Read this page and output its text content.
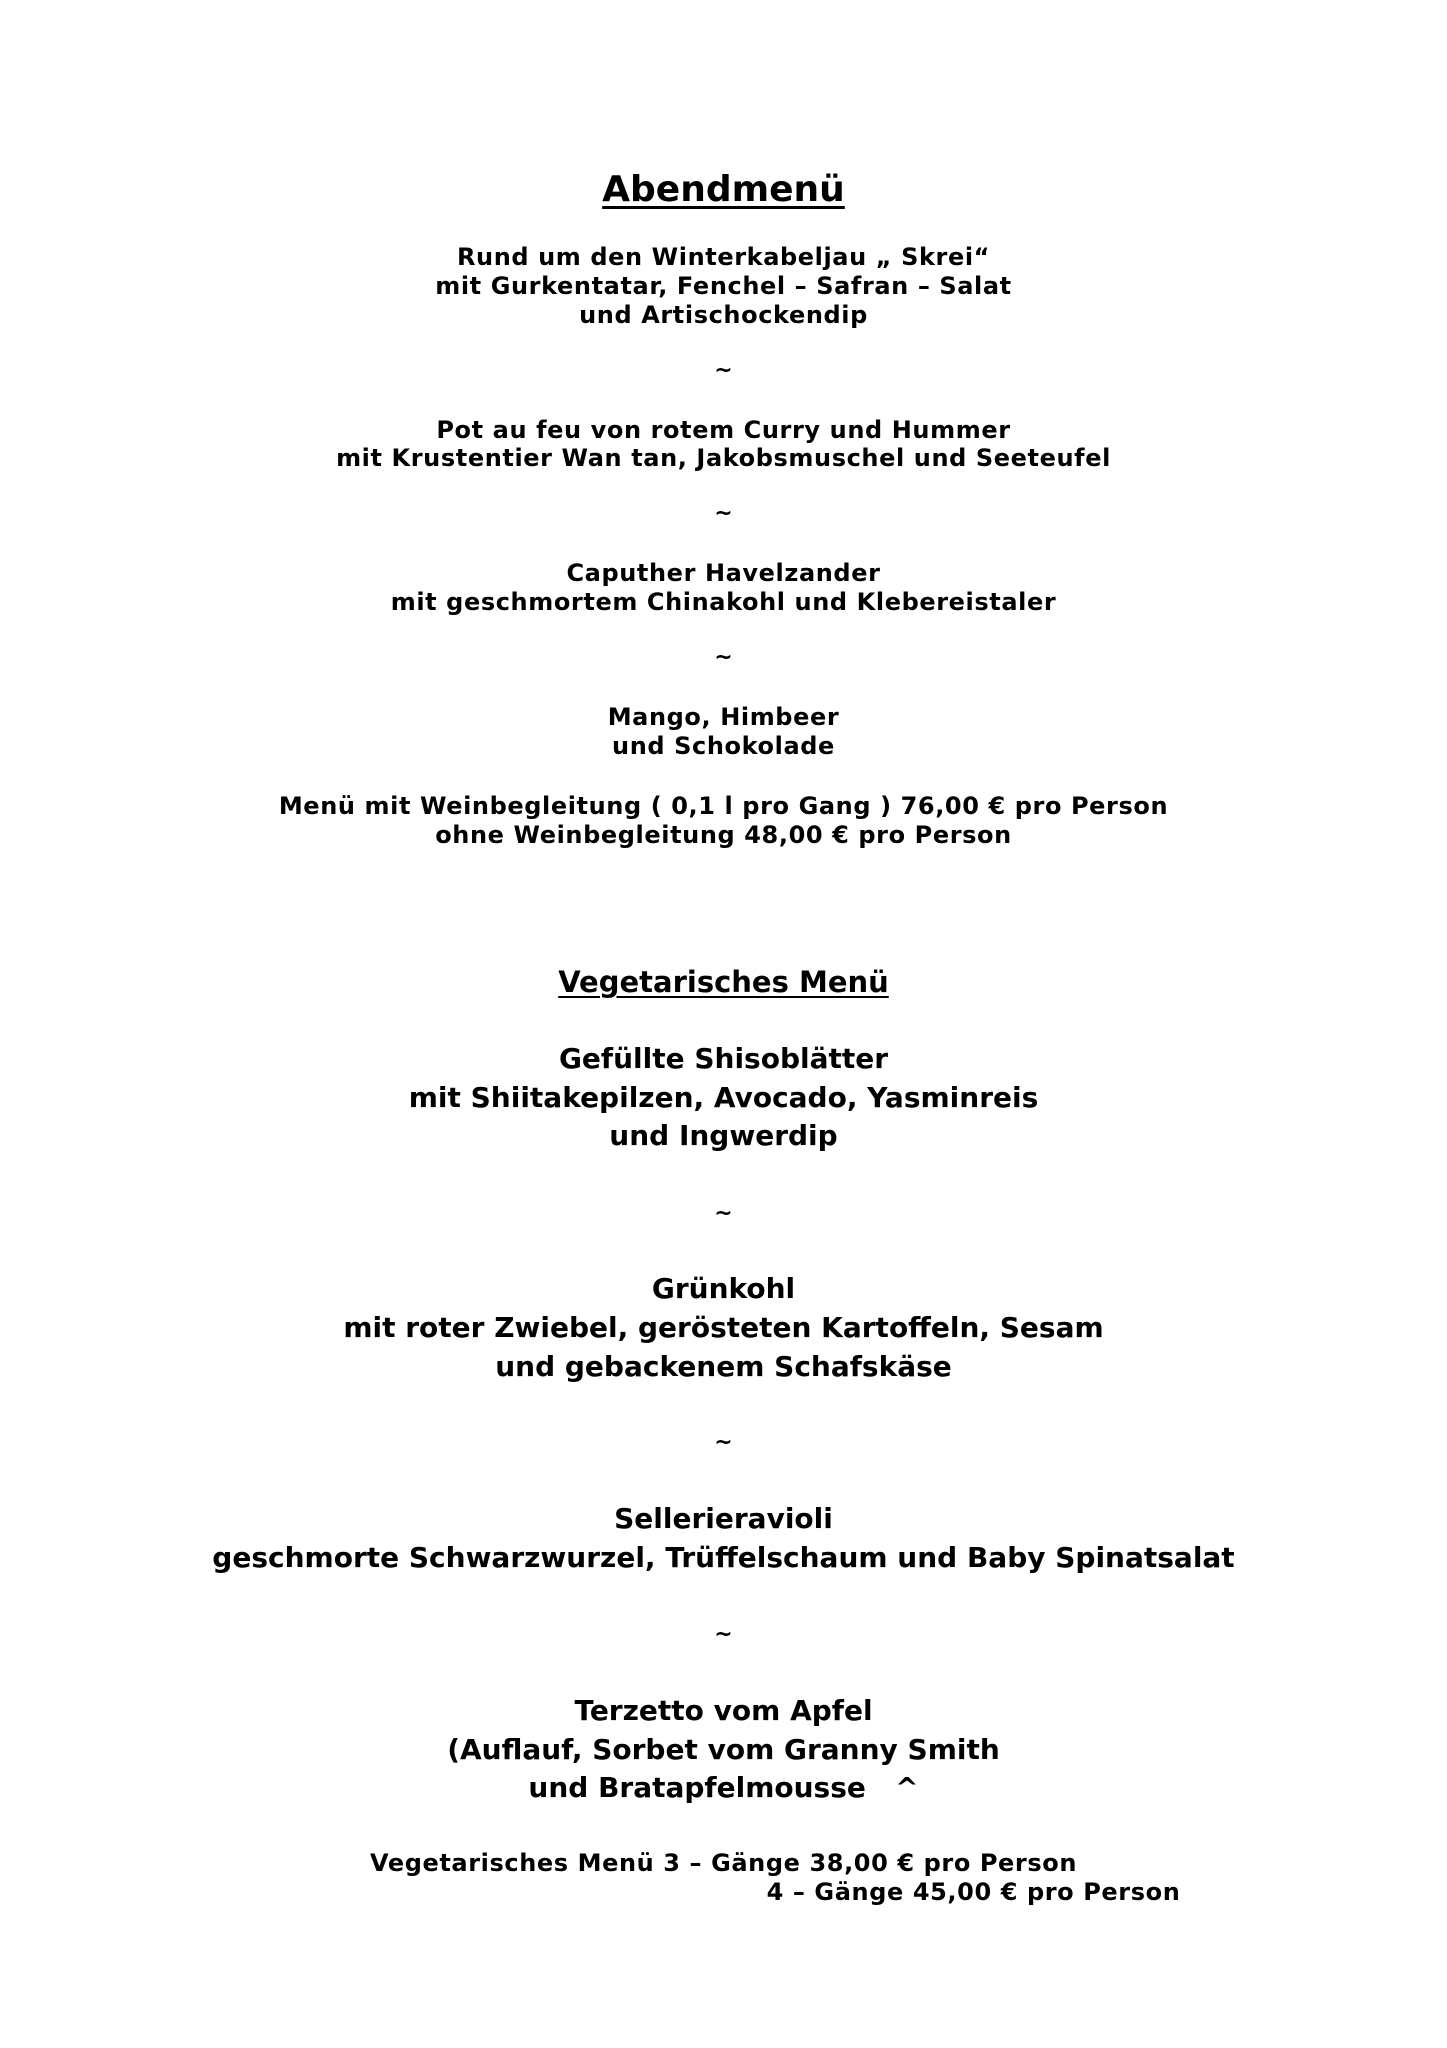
Abendmenü
Rund um den Winterkabeljau „ Skrei“
mit Gurkentatar, Fenchel – Safran – Salat
und Artischockendip
~
Pot au feu von rotem Curry und Hummer
mit Krustentier Wan tan, Jakobsmuschel und Seeteufel
~
Caputher Havelzander
mit geschmortem Chinakohl und Klebereistaler
~
Mango, Himbeer
und Schokolade
Menü mit Weinbegleitung ( 0,1 l pro Gang ) 76,00 € pro Person
ohne Weinbegleitung 48,00 € pro Person
Vegetarisches Menü
Gefüllte Shisoblätter
mit Shiitakepilzen, Avocado, Yasminreis
und Ingwerdip
~
Grünkohl
mit roter Zwiebel, gerösteten Kartoffeln, Sesam
und gebackenem Schafskäse
~
Sellerieravioli
geschmorte Schwarzwurzel, Trüffelschaum und Baby Spinatsalat
~
Terzetto vom Apfel
(Auflauf, Sorbet vom Granny Smith
und Bratapfelmousse   ^
Vegetarisches Menü 3 – Gänge 38,00 € pro Person
4 – Gänge 45,00 € pro Person
